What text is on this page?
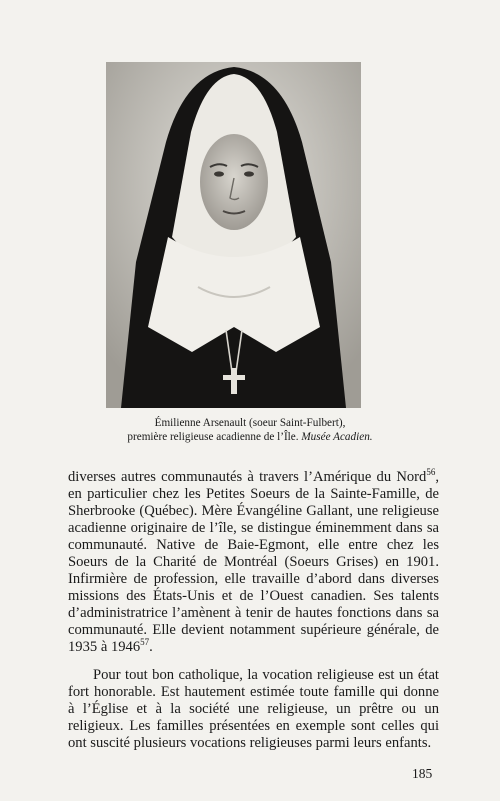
Émilienne Arsenault (soeur Saint-Fulbert),
première religieuse acadienne de l’Île. Musée Acadien.

diverses autres communautés à travers l’Amérique du Nord$^{56}$, en particulier chez les Petites Soeurs de la Sainte-Famille, de Sherbrooke (Québec). Mère Évangéline Gallant, une religieuse acadienne originaire de l’île, se distingue éminemment dans sa communauté. Native de Baie-Egmont, elle entre chez les Soeurs de la Charité de Montréal (Soeurs Grises) en 1901. Infirmière de profession, elle travaille d’abord dans diverses missions des États-Unis et de l’Ouest canadien. Ses talents d’administratrice l’amènent à tenir de hautes fonctions dans sa communauté. Elle devient notamment supérieure générale, de 1935 à 1946$^{57}$.

Pour tout bon catholique, la vocation religieuse est un état fort honorable. Est hautement estimée toute famille qui donne à l’Église et à la société une religieuse, un prêtre ou un religieux. Les familles présentées en exemple sont celles qui ont suscité plusieurs vocations religieuses parmi leurs enfants.

185
